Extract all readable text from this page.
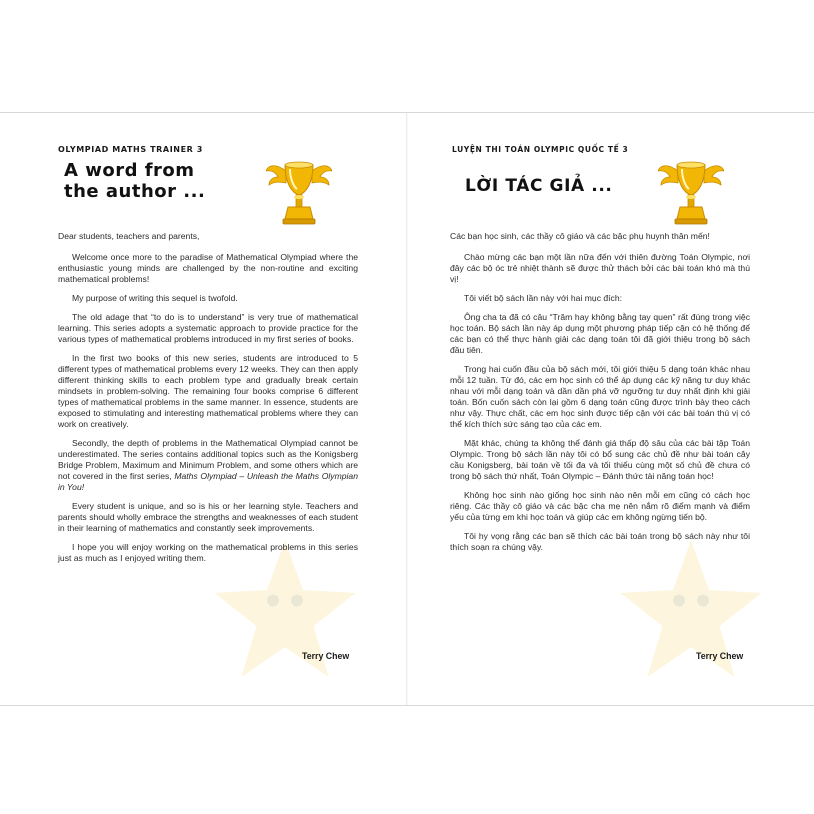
OLYMPIAD MATHS TRAINER 3
A word from
the author ...

Dear students, teachers and parents,

Welcome once more to the paradise of Mathematical Olympiad where the enthusiastic young minds are challenged by the non-routine and exciting mathematical problems!

My purpose of writing this sequel is twofold.

The old adage that “to do is to understand” is very true of mathematical learning. This series adopts a systematic approach to provide practice for the various types of mathematical problems introduced in my first series of books.

In the first two books of this new series, students are introduced to 5 different types of mathematical problems every 12 weeks. They can then apply different thinking skills to each problem type and gradually break certain mindsets in problem-solving. The remaining four books comprise 6 different types of mathematical problems in the same manner. In essence, students are exposed to stimulating and interesting mathematical problems where they can work on creatively.

Secondly, the depth of problems in the Mathematical Olympiad cannot be underestimated. The series contains additional topics such as the Konigsberg Bridge Problem, Maximum and Minimum Problem, and some others which are not covered in the first series, Maths Olympiad – Unleash the Maths Olympian in You!

Every student is unique, and so is his or her learning style. Teachers and parents should wholly embrace the strengths and weaknesses of each student in their learning of mathematics and constantly seek improvements.

I hope you will enjoy working on the mathematical problems in this series just as much as I enjoyed writing them.

Terry Chew
LUYỆN THI TOÁN OLYMPIC QUỐC TẾ 3
LỜI TÁC GIẢ ...

Các bạn học sinh, các thầy cô giáo và các bậc phụ huynh thân mến!

Chào mừng các bạn một lần nữa đến với thiên đường Toán Olympic, nơi đây các bộ óc trẻ nhiệt thành sẽ được thử thách bởi các bài toán khó mà thú vị!

Tôi viết bộ sách lần này với hai mục đích:

Ông cha ta đã có câu “Trăm hay không bằng tay quen” rất đúng trong việc học toán. Bộ sách lần này áp dụng một phương pháp tiếp cận có hệ thống để các bạn có thể thực hành giải các dạng toán tôi đã giới thiệu trong bộ sách đầu tiên.

Trong hai cuốn đầu của bộ sách mới, tôi giới thiệu 5 dạng toán khác nhau mỗi 12 tuần. Từ đó, các em học sinh có thể áp dụng các kỹ năng tư duy khác nhau với mỗi dạng toán và dần dần phá vỡ ngưỡng tư duy nhất định khi giải toán. Bốn cuốn sách còn lại gồm 6 dạng toán cũng được trình bày theo cách như vậy. Thực chất, các em học sinh được tiếp cận với các bài toán thú vị có thể kích thích sức sáng tạo của các em.

Mặt khác, chúng ta không thể đánh giá thấp độ sâu của các bài tập Toán Olympic. Trong bộ sách lần này tôi có bổ sung các chủ đề như bài toán cây cầu Konigsberg, bài toán về tối đa và tối thiểu cùng một số chủ đề chưa có trong bộ sách thứ nhất, Toán Olympic – Đánh thức tài năng toán học!

Không học sinh nào giống học sinh nào nên mỗi em cũng có cách học riêng. Các thầy cô giáo và các bậc cha mẹ nên nắm rõ điểm mạnh và điểm yếu của từng em khi học toán và giúp các em không ngừng tiến bộ.

Tôi hy vọng rằng các bạn sẽ thích các bài toán trong bộ sách này như tôi thích soạn ra chúng vậy.

Terry Chew
